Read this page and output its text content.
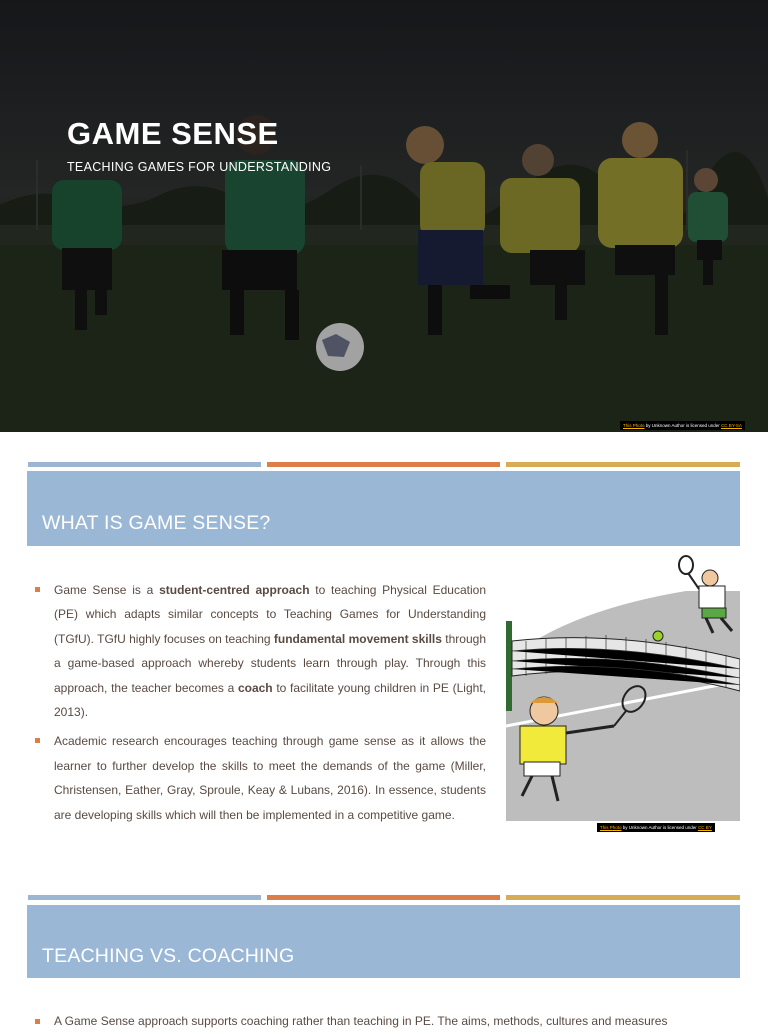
GAME SENSE
TEACHING GAMES FOR UNDERSTANDING
This Photo by Unknown Author is licensed under CC BY-SA
WHAT IS GAME SENSE?
Game Sense is a student-centred approach to teaching Physical Education (PE) which adapts similar concepts to Teaching Games for Understanding (TGfU). TGfU highly focuses on teaching fundamental movement skills through a game-based approach whereby students learn through play. Through this approach, the teacher becomes a coach to facilitate young children in PE (Light, 2013).
Academic research encourages teaching through game sense as it allows the learner to further develop the skills to meet the demands of the game (Miller, Christensen, Eather, Gray, Sproule, Keay & Lubans, 2016). In essence, students are developing skills which will then be implemented in a competitive game.
This Photo by Unknown Author is licensed under CC BY
TEACHING VS. COACHING
A Game Sense approach supports coaching rather than teaching in PE. The aims, methods, cultures and measures
